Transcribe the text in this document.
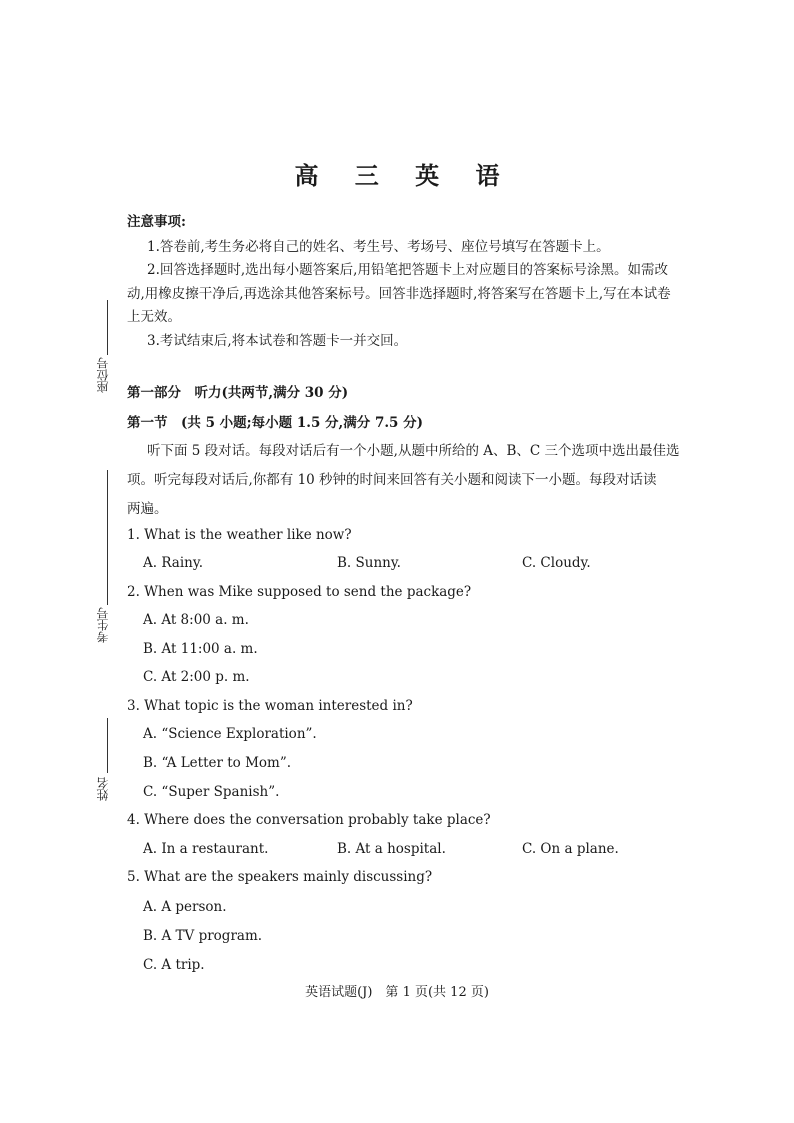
高 三 英 语
注意事项:
1.答卷前,考生务必将自己的姓名、考生号、考场号、座位号填写在答题卡上。
2.回答选择题时,选出每小题答案后,用铅笔把答题卡上对应题目的答案标号涂黑。如需改
动,用橡皮擦干净后,再选涂其他答案标号。回答非选择题时,将答案写在答题卡上,写在本试卷
上无效。
3.考试结束后,将本试卷和答题卡一并交回。
座位号
考生号
姓名
第一部分　听力(共两节,满分 30 分)
第一节　(共 5 小题;每小题 1.5 分,满分 7.5 分)
听下面 5 段对话。每段对话后有一个小题,从题中所给的 A、B、C 三个选项中选出最佳选
项。听完每段对话后,你都有 10 秒钟的时间来回答有关小题和阅读下一小题。每段对话读
两遍。
1. What is the weather like now?
A. Rainy.	B. Sunny.	C. Cloudy.
2. When was Mike supposed to send the package?
A. At 8:00 a. m.
B. At 11:00 a. m.
C. At 2:00 p. m.
3. What topic is the woman interested in?
A. “Science Exploration”.
B. “A Letter to Mom”.
C. “Super Spanish”.
4. Where does the conversation probably take place?
A. In a restaurant.	B. At a hospital.	C. On a plane.
5. What are the speakers mainly discussing?
A. A person.
B. A TV program.
C. A trip.
英语试题(J)　第 1 页(共 12 页)
